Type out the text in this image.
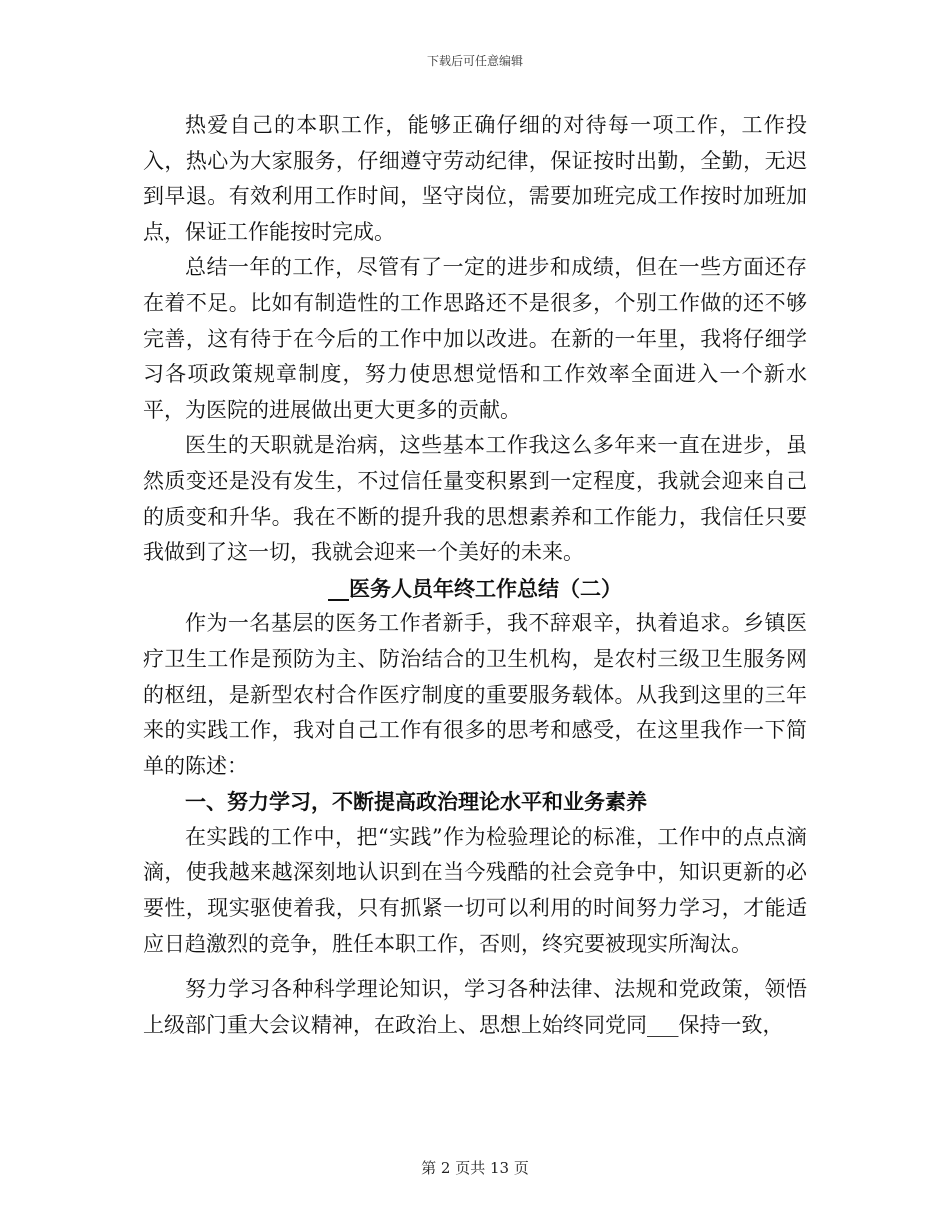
下载后可任意编辑

热爱自己的本职工作，能够正确仔细的对待每一项工作，工作投入，热心为大家服务，仔细遵守劳动纪律，保证按时出勤，全勤，无迟到早退。有效利用工作时间，坚守岗位，需要加班完成工作按时加班加点，保证工作能按时完成。

总结一年的工作，尽管有了一定的进步和成绩，但在一些方面还存在着不足。比如有制造性的工作思路还不是很多，个别工作做的还不够完善，这有待于在今后的工作中加以改进。在新的一年里，我将仔细学习各项政策规章制度，努力使思想觉悟和工作效率全面进入一个新水平，为医院的进展做出更大更多的贡献。

医生的天职就是治病，这些基本工作我这么多年来一直在进步，虽然质变还是没有发生，不过信任量变积累到一定程度，我就会迎来自己的质变和升华。我在不断的提升我的思想素养和工作能力，我信任只要我做到了这一切，我就会迎来一个美好的未来。

__医务人员年终工作总结（二）

作为一名基层的医务工作者新手，我不辞艰辛，执着追求。乡镇医疗卫生工作是预防为主、防治结合的卫生机构，是农村三级卫生服务网的枢纽，是新型农村合作医疗制度的重要服务载体。从我到这里的三年来的实践工作，我对自己工作有很多的思考和感受，在这里我作一下简单的陈述：

一、努力学习，不断提高政治理论水平和业务素养

在实践的工作中，把“实践”作为检验理论的标准，工作中的点点滴滴，使我越来越深刻地认识到在当今残酷的社会竞争中，知识更新的必要性，现实驱使着我，只有抓紧一切可以利用的时间努力学习，才能适应日趋激烈的竞争，胜任本职工作，否则，终究要被现实所淘汰。

努力学习各种科学理论知识，学习各种法律、法规和党政策，领悟上级部门重大会议精神，在政治上、思想上始终同党同___保持一致，

第 2 页共 13 页
